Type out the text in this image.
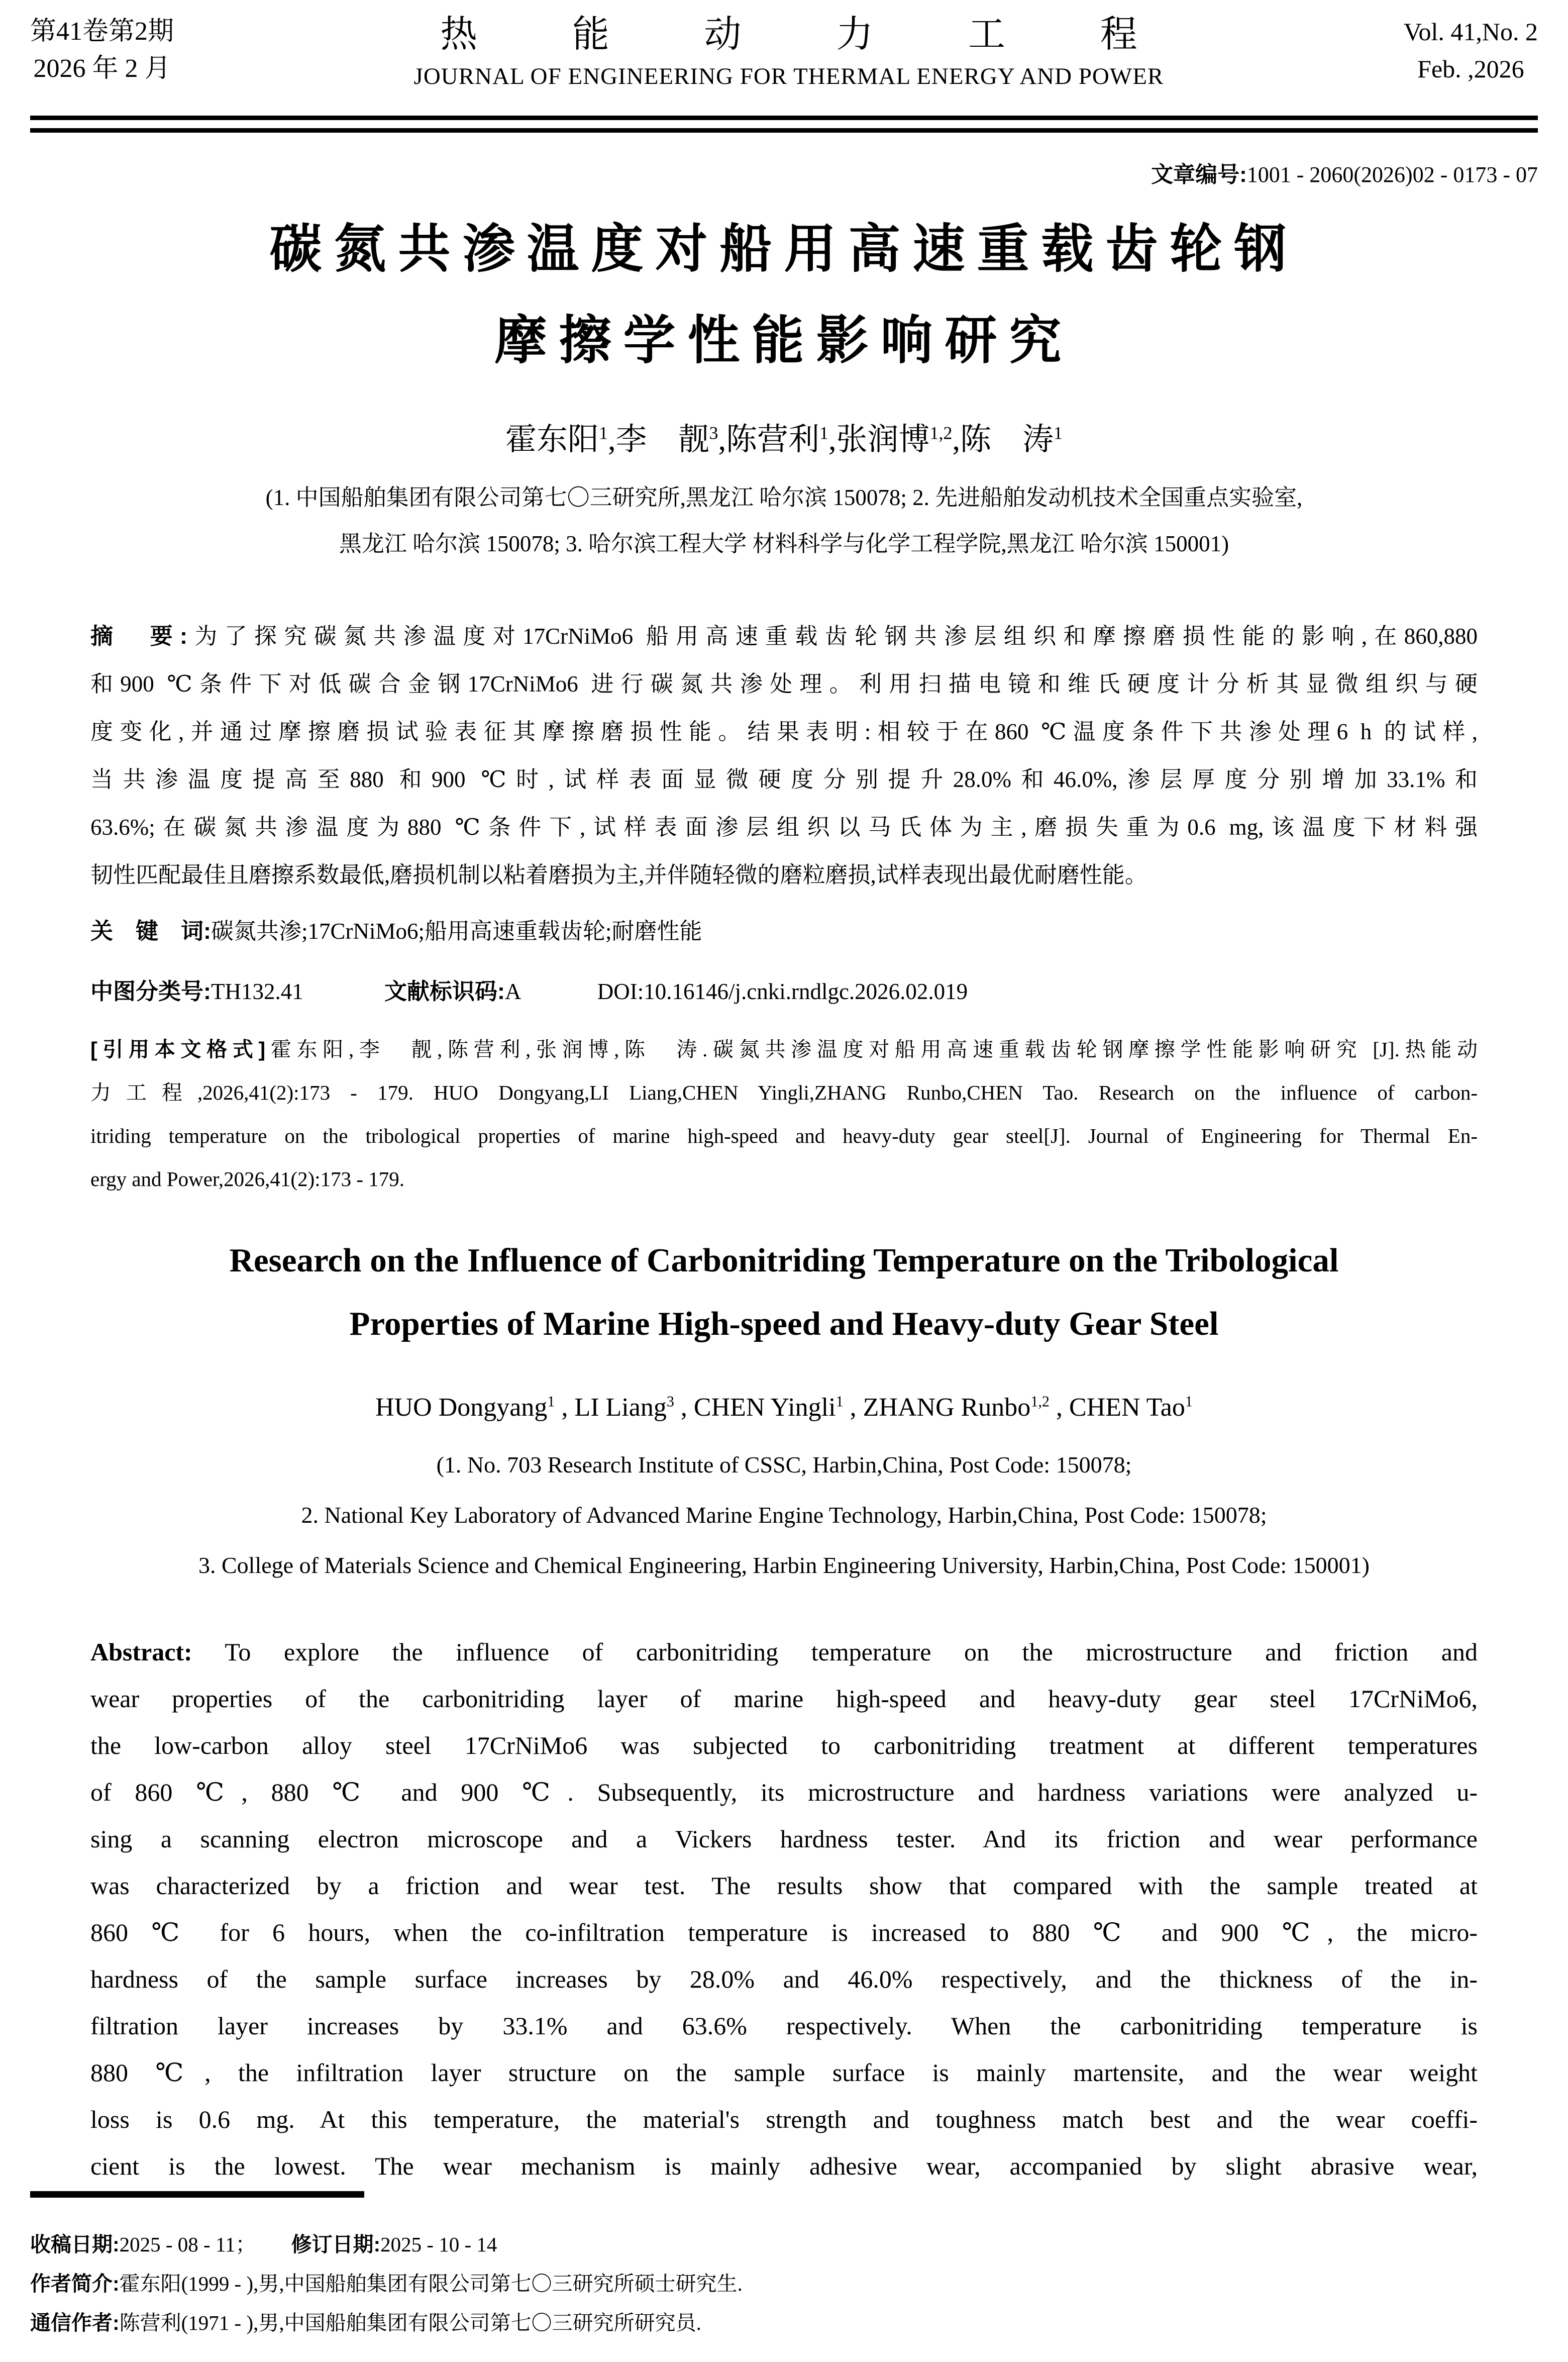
第41卷第2期
2026 年 2 月
热能动力工程
JOURNAL OF ENGINEERING FOR THERMAL ENERGY AND POWER
Vol. 41,No. 2
Feb. ,2026
文章编号:1001 - 2060(2026)02 - 0173 - 07
碳氮共渗温度对船用高速重载齿轮钢
摩擦学性能影响研究
霍东阳$^1$,李　靓$^3$,陈营利$^1$,张润博$^{1,2}$,陈　涛$^1$
(1. 中国船舶集团有限公司第七〇三研究所,黑龙江 哈尔滨 150078; 2. 先进船舶发动机技术全国重点实验室,
黑龙江 哈尔滨 150078; 3. 哈尔滨工程大学 材料科学与化学工程学院,黑龙江 哈尔滨 150001)
摘　要:为了探究碳氮共渗温度对17CrNiMo6 船用高速重载齿轮钢共渗层组织和摩擦磨损性能的影响,在860,880
和900 ℃条件下对低碳合金钢17CrNiMo6 进行碳氮共渗处理。利用扫描电镜和维氏硬度计分析其显微组织与硬
度变化,并通过摩擦磨损试验表征其摩擦磨损性能。结果表明:相较于在860 ℃温度条件下共渗处理6 h 的试样,
当共渗温度提高至880 和900 ℃时,试样表面显微硬度分别提升28.0%和46.0%,渗层厚度分别增加33.1%和
63.6%;在碳氮共渗温度为880 ℃条件下,试样表面渗层组织以马氏体为主,磨损失重为0.6 mg,该温度下材料强
韧性匹配最佳且磨擦系数最低,磨损机制以粘着磨损为主,并伴随轻微的磨粒磨损,试样表现出最优耐磨性能。
关　键　词:碳氮共渗;17CrNiMo6;船用高速重载齿轮;耐磨性能
中图分类号:TH132.41	文献标识码:A	DOI:10.16146/j.cnki.rndlgc.2026.02.019
[引用本文格式]霍东阳,李　靓,陈营利,张润博,陈　涛.碳氮共渗温度对船用高速重载齿轮钢摩擦学性能影响研究 [J].热能动
力工程,2026,41(2):173 - 179. HUO Dongyang,LI Liang,CHEN Yingli,ZHANG Runbo,CHEN Tao. Research on the influence of carbon-
itriding temperature on the tribological properties of marine high-speed and heavy-duty gear steel[J]. Journal of Engineering for Thermal En-
ergy and Power,2026,41(2):173 - 179.
Research on the Influence of Carbonitriding Temperature on the Tribological
Properties of Marine High-speed and Heavy-duty Gear Steel
HUO Dongyang$^1$ , LI Liang$^3$ , CHEN Yingli$^1$ , ZHANG Runbo$^{1,2}$ , CHEN Tao$^1$
(1. No. 703 Research Institute of CSSC, Harbin,China, Post Code: 150078;
2. National Key Laboratory of Advanced Marine Engine Technology, Harbin,China, Post Code: 150078;
3. College of Materials Science and Chemical Engineering, Harbin Engineering University, Harbin,China, Post Code: 150001)
Abstract: To explore the influence of carbonitriding temperature on the microstructure and friction and
wear properties of the carbonitriding layer of marine high-speed and heavy-duty gear steel 17CrNiMo6,
the low-carbon alloy steel 17CrNiMo6 was subjected to carbonitriding treatment at different temperatures
of 860 ℃, 880 ℃ and 900 ℃. Subsequently, its microstructure and hardness variations were analyzed u-
sing a scanning electron microscope and a Vickers hardness tester. And its friction and wear performance
was characterized by a friction and wear test. The results show that compared with the sample treated at
860 ℃ for 6 hours, when the co-infiltration temperature is increased to 880 ℃ and 900 ℃, the micro-
hardness of the sample surface increases by 28.0% and 46.0% respectively, and the thickness of the in-
filtration layer increases by 33.1% and 63.6% respectively. When the carbonitriding temperature is
880 ℃, the infiltration layer structure on the sample surface is mainly martensite, and the wear weight
loss is 0.6 mg. At this temperature, the material's strength and toughness match best and the wear coeffi-
cient is the lowest. The wear mechanism is mainly adhesive wear, accompanied by slight abrasive wear,
收稿日期:2025 - 08 - 11； 修订日期:2025 - 10 - 14
作者简介:霍东阳(1999 - ),男,中国船舶集团有限公司第七〇三研究所硕士研究生.
通信作者:陈营利(1971 - ),男,中国船舶集团有限公司第七〇三研究所研究员.
